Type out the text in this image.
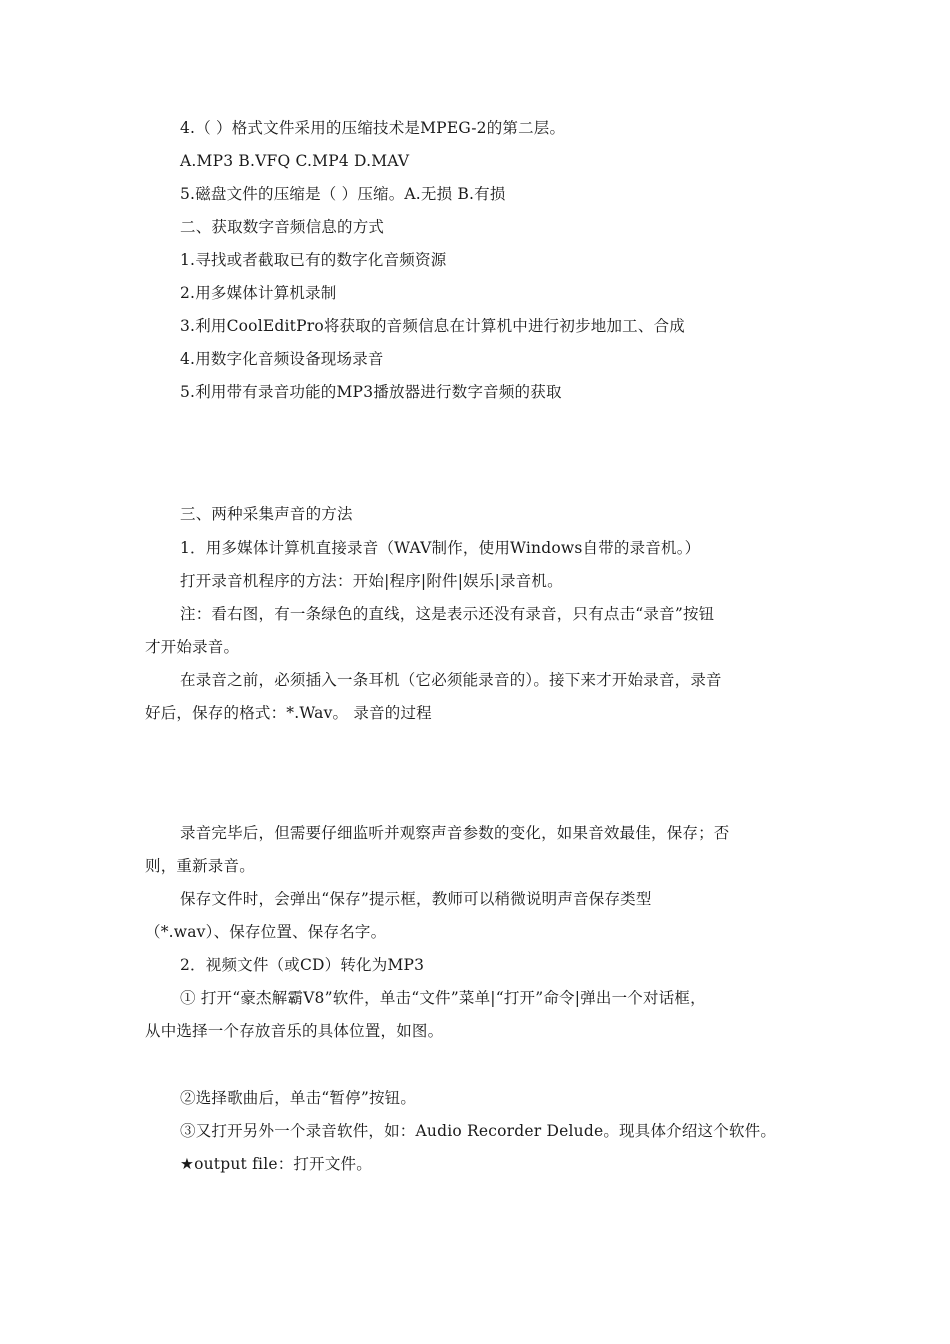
4.（ ）格式文件采用的压缩技术是MPEG-2的第二层。
A.MP3 B.VFQ C.MP4 D.MAV
5.磁盘文件的压缩是（ ）压缩。A.无损 B.有损
二、获取数字音频信息的方式
1.寻找或者截取已有的数字化音频资源
2.用多媒体计算机录制
3.利用CoolEditPro将获取的音频信息在计算机中进行初步地加工、合成
4.用数字化音频设备现场录音
5.利用带有录音功能的MP3播放器进行数字音频的获取
三、两种采集声音的方法
1．用多媒体计算机直接录音（WAV制作，使用Windows自带的录音机。）
打开录音机程序的方法：开始|程序|附件|娱乐|录音机。
注：看右图，有一条绿色的直线，这是表示还没有录音，只有点击“录音”按钮
才开始录音。
在录音之前，必须插入一条耳机（它必须能录音的）。接下来才开始录音，录音
好后，保存的格式：*.Wav。 录音的过程
录音完毕后，但需要仔细监听并观察声音参数的变化，如果音效最佳，保存；否
则，重新录音。
保存文件时，会弹出“保存”提示框，教师可以稍微说明声音保存类型
（*.wav）、保存位置、保存名字。
2．视频文件（或CD）转化为MP3
① 打开“豪杰解霸V8”软件，单击“文件”菜单|“打开”命令|弹出一个对话框，
从中选择一个存放音乐的具体位置，如图。
②选择歌曲后，单击“暂停”按钮。
③又打开另外一个录音软件，如：Audio Recorder Delude。现具体介绍这个软件。
★output file：打开文件。
